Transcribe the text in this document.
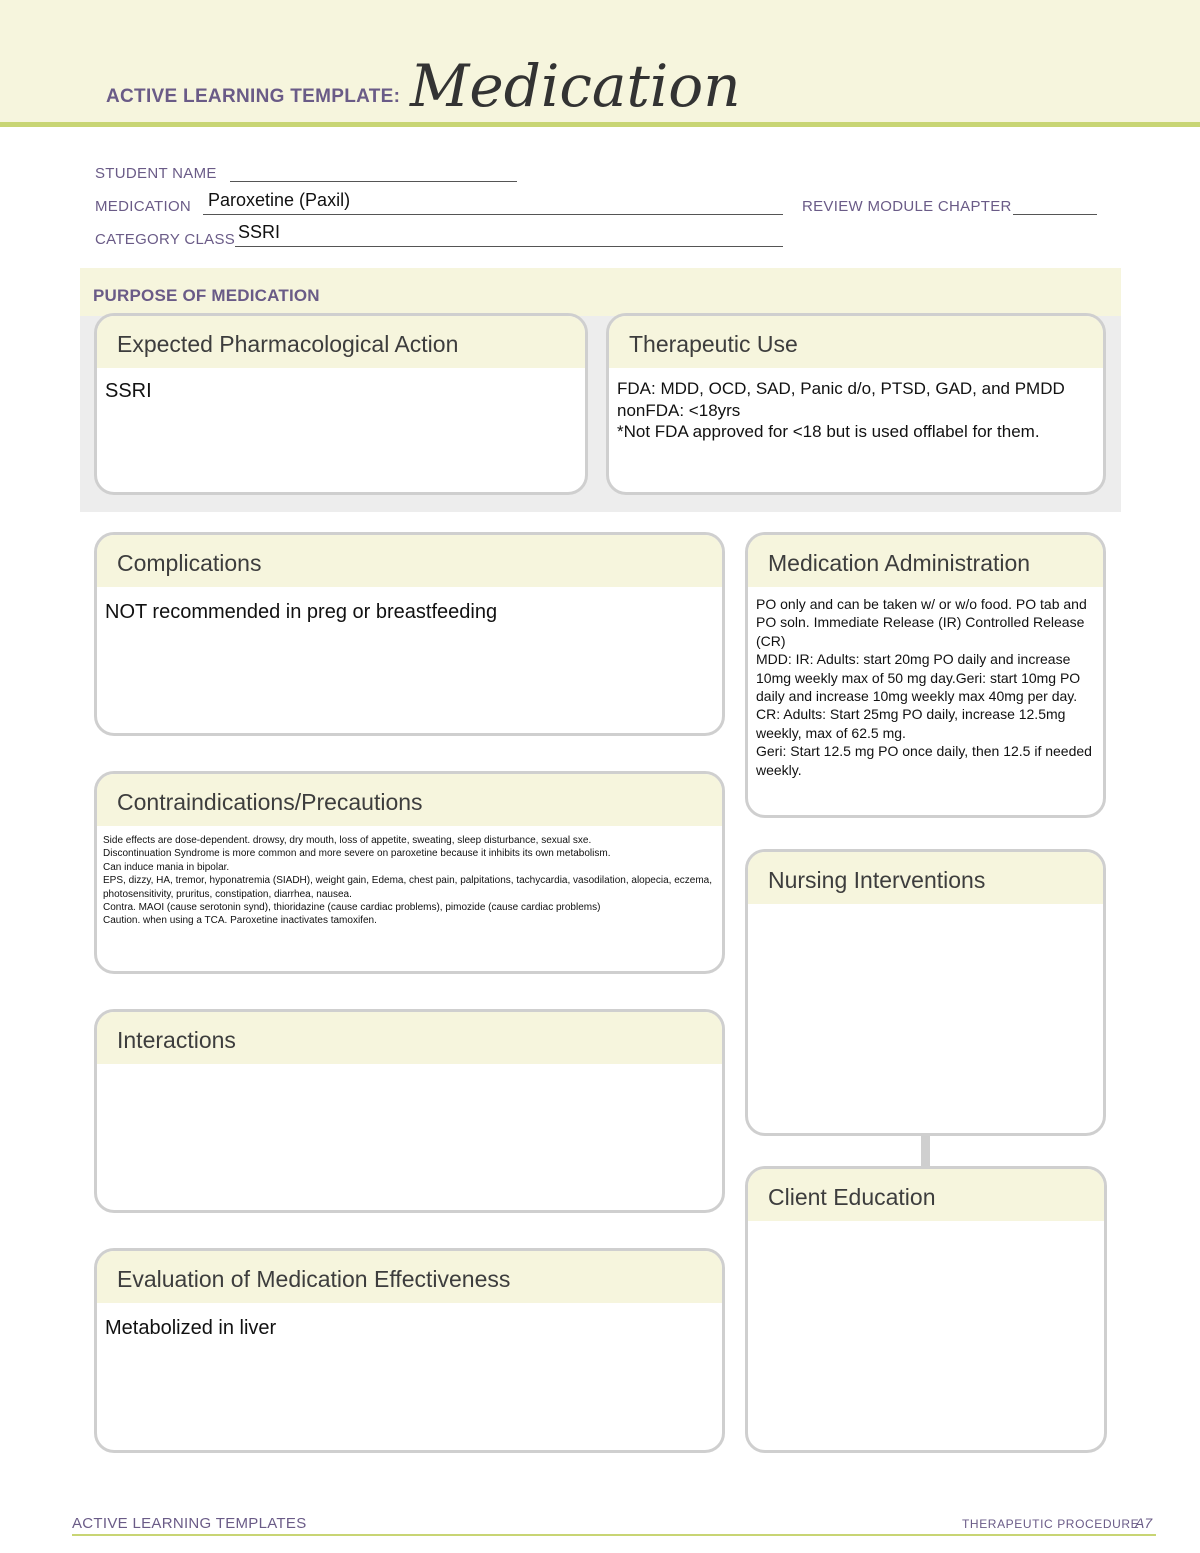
ACTIVE LEARNING TEMPLATE: Medication
STUDENT NAME
MEDICATION Paroxetine (Paxil)	REVIEW MODULE CHAPTER
CATEGORY CLASS SSRI
PURPOSE OF MEDICATION
Expected Pharmacological Action
SSRI
Therapeutic Use
FDA: MDD, OCD, SAD, Panic d/o, PTSD, GAD, and PMDD
nonFDA: <18yrs
*Not FDA approved for <18 but is used offlabel for them.
Complications
NOT recommended in preg or breastfeeding
Medication Administration
PO only and can be taken w/ or w/o food. PO tab and PO soln. Immediate Release (IR) Controlled Release (CR)
MDD: IR: Adults: start 20mg PO daily and increase 10mg weekly max of 50 mg day.Geri: start 10mg PO daily and increase 10mg weekly max 40mg per day.
CR: Adults: Start 25mg PO daily, increase 12.5mg weekly, max of 62.5 mg.
Geri: Start 12.5 mg PO once daily, then 12.5 if needed weekly.
Contraindications/Precautions
Side effects are dose-dependent. drowsy, dry mouth, loss of appetite, sweating, sleep disturbance, sexual sxe.
Discontinuation Syndrome is more common and more severe on paroxetine because it inhibits its own metabolism.
Can induce mania in bipolar.
EPS, dizzy, HA, tremor, hyponatremia (SIADH), weight gain, Edema, chest pain, palpitations, tachycardia, vasodilation, alopecia, eczema, photosensitivity, pruritus, constipation, diarrhea, nausea.
Contra. MAOI (cause serotonin synd), thioridazine (cause cardiac problems), pimozide (cause cardiac problems)
Caution. when using a TCA. Paroxetine inactivates tamoxifen.
Nursing Interventions
Interactions
Client Education
Evaluation of Medication Effectiveness
Metabolized in liver
ACTIVE LEARNING TEMPLATES	THERAPEUTIC PROCEDURE
A7
